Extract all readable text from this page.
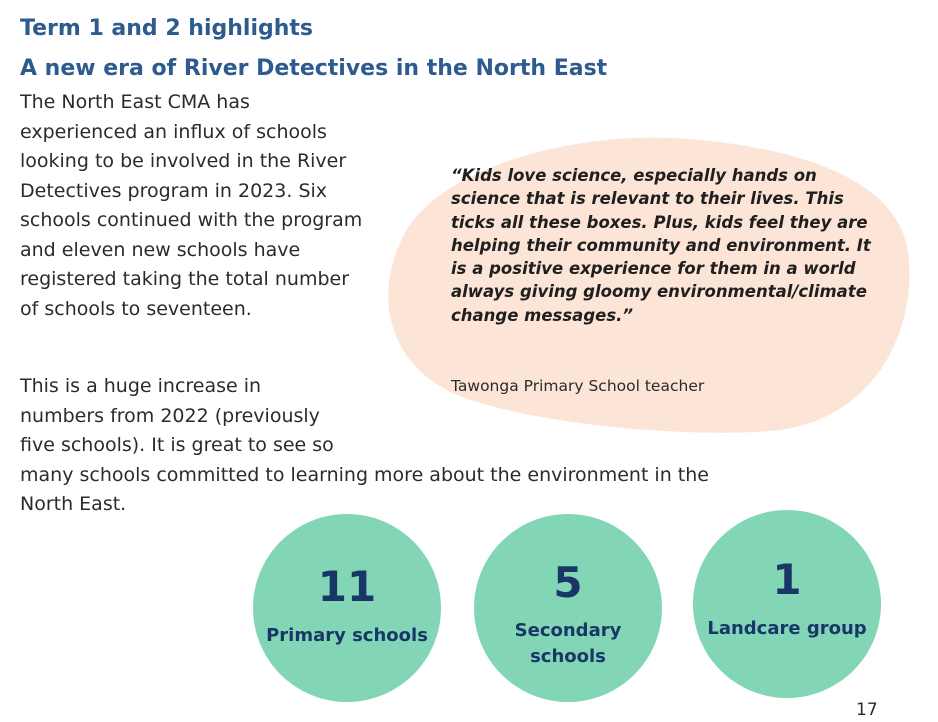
Term 1 and 2 highlights
A new era of River Detectives in the North East

The North East CMA has experienced an influx of schools looking to be involved in the River Detectives program in 2023. Six schools continued with the program and eleven new schools have registered taking the total number of schools to seventeen.

This is a huge increase in
numbers from 2022 (previously
five schools). It is great to see so
many schools committed to learning more about the environment in the North East.

“Kids love science, especially hands on science that is relevant to their lives. This ticks all these boxes. Plus, kids feel they are helping their community and environment. It is a positive experience for them in a world always giving gloomy environmental/climate change messages.”

Tawonga Primary School teacher

11
Primary schools
5
Secondary schools
1
Landcare group

17
